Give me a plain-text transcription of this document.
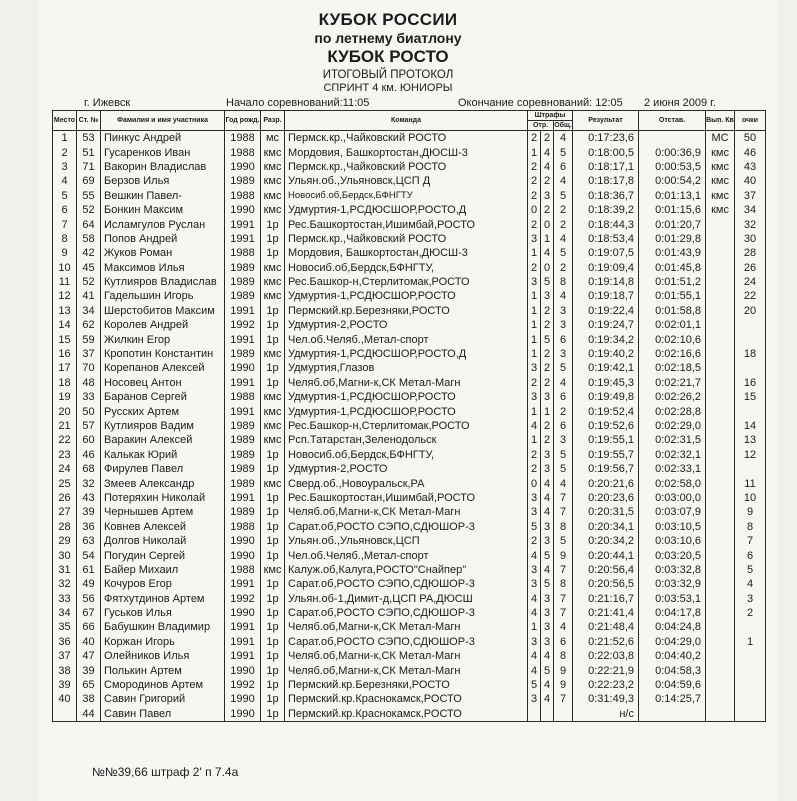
КУБОК РОССИИ
по летнему биатлону
КУБОК РОСТО
ИТОГОВЫЙ ПРОТОКОЛ
СПРИНТ 4 км. ЮНИОРЫ
г. Ижевск	Начало соревнований:11:05	Окончание соревнований: 12:05 2 июня 2009 г.
Место	Ст. №	Фамилия и имя участника	Год рожд.	Разр.	Команда	Штрафы			Результат	Отстав.	Вып. Кв	очки
						Отр.		Общ.				
1	53	Пинкус Андрей	1988	мс	Пермск.кр.,Чайковский РОСТО	2	2	4	0:17:23,6		МС	50
2	51	Гусаренков Иван	1988	кмс	Мордовия, Башкортостан,ДЮСШ-3	1	4	5	0:18:00,5	0:00:36,9	кмс	46
3	71	Вакорин Владислав	1990	кмс	Пермск.кр.,Чайковский РОСТО	2	4	6	0:18:17,1	0:00:53,5	кмс	43
4	69	Берзов Илья	1989	кмс	Ульян.об.,Ульяновск,ЦСП Д	2	2	4	0:18:17,8	0:00:54,2	кмс	40
5	55	Вешкин Павел-	1988	кмс	Новосиб.об,Бердск,БФНГТУ	2	3	5	0:18:36,7	0:01:13,1	кмс	37
6	52	Бонкин Максим	1990	кмс	Удмуртия-1,РСДЮСШОР,РОСТО,Д	0	2	2	0:18:39,2	0:01:15,6	кмс	34
7	64	Исламгулов Руслан	1991	1р	Рес.Башкортостан,Ишимбай,РОСТО	2	0	2	0:18:44,3	0:01:20,7		32
8	58	Попов Андрей	1991	1р	Пермск.кр.,Чайковский РОСТО	3	1	4	0:18:53,4	0:01:29,8		30
9	42	Жуков Роман	1988	1р	Мордовия, Башкортостан,ДЮСШ-3	1	4	5	0:19:07,5	0:01:43,9		28
10	45	Максимов Илья	1989	кмс	Новосиб.об,Бердск,БФНГТУ,	2	0	2	0:19:09,4	0:01:45,8		26
11	52	Кутлияров Владислав	1989	кмс	Рес.Башкор-н,Стерлитомак,РОСТО	3	5	8	0:19:14,8	0:01:51,2		24
12	41	Гадельшин Игорь	1989	кмс	Удмуртия-1,РСДЮСШОР,РОСТО	1	3	4	0:19:18,7	0:01:55,1		22
13	34	Шерстобитов Максим	1991	1р	Пермский.кр.Березняки,РОСТО	1	2	3	0:19:22,4	0:01:58,8		20
14	62	Королев Андрей	1992	1р	Удмуртия-2,РОСТО	1	2	3	0:19:24,7	0:02:01,1		
15	59	Жилкин Егор	1991	1р	Чел.об.Челяб.,Метал-спорт	1	5	6	0:19:34,2	0:02:10,6		
16	37	Кропотин Константин	1989	кмс	Удмуртия-1,РСДЮСШОР,РОСТО,Д	1	2	3	0:19:40,2	0:02:16,6		18
17	70	Корепанов Алексей	1990	1р	Удмуртия,Глазов	3	2	5	0:19:42,1	0:02:18,5		
18	48	Носовец Антон	1991	1р	Челяб.об,Магни-к,СК Метал-Магн	2	2	4	0:19:45,3	0:02:21,7		16
19	33	Баранов Сергей	1988	кмс	Удмуртия-1,РСДЮСШОР,РОСТО	3	3	6	0:19:49,8	0:02:26,2		15
20	50	Русских Артем	1991	кмс	Удмуртия-1,РСДЮСШОР,РОСТО	1	1	2	0:19:52,4	0:02:28,8		
21	57	Кутлияров Вадим	1989	кмс	Рес.Башкор-н,Стерлитомак,РОСТО	4	2	6	0:19:52,6	0:02:29,0		14
22	60	Варакин Алексей	1989	кмс	Рсп.Татарстан,Зеленодольск	1	2	3	0:19:55,1	0:02:31,5		13
23	46	Калькак Юрий	1989	1р	Новосиб.об,Бердск,БФНГТУ,	2	3	5	0:19:55,7	0:02:32,1		12
24	68	Фирулев Павел	1989	1р	Удмуртия-2,РОСТО	2	3	5	0:19:56,7	0:02:33,1		
25	32	Змеев Александр	1989	кмс	Сверд.об.,Новоуральск,РА	0	4	4	0:20:21,6	0:02:58,0		11
26	43	Потеряхин Николай	1991	1р	Рес.Башкортостан,Ишимбай,РОСТО	3	4	7	0:20:23,6	0:03:00,0		10
27	39	Чернышев Артем	1989	1р	Челяб.об,Магни-к,СК Метал-Магн	3	4	7	0:20:31,5	0:03:07,9		9
28	36	Ковнев Алексей	1988	1р	Сарат.об,РОСТО СЭПО,СДЮШОР-3	5	3	8	0:20:34,1	0:03:10,5		8
29	63	Долгов Николай	1990	1р	Ульян.об.,Ульяновск,ЦСП	2	3	5	0:20:34,2	0:03:10,6		7
30	54	Погудин Сергей	1990	1р	Чел.об.Челяб.,Метал-спорт	4	5	9	0:20:44,1	0:03:20,5		6
31	61	Байер Михаил	1988	кмс	Калуж.об,Калуга,РОСТО"Снайпер"	3	4	7	0:20:56,4	0:03:32,8		5
32	49	Кочуров Егор	1991	1р	Сарат.об,РОСТО СЭПО,СДЮШОР-3	3	5	8	0:20:56,5	0:03:32,9		4
33	56	Фятхутдинов Артем	1992	1р	Ульян.об-1,Димит-д,ЦСП РА,ДЮСШ	4	3	7	0:21:16,7	0:03:53,1		3
34	67	Гуськов Илья	1990	1р	Сарат.об,РОСТО СЭПО,СДЮШОР-3	4	3	7	0:21:41,4	0:04:17,8		2
35	66	Бабушкин Владимир	1991	1р	Челяб.об,Магни-к,СК Метал-Магн	1	3	4	0:21:48,4	0:04:24,8		
36	40	Коржан Игорь	1991	1р	Сарат.об,РОСТО СЭПО,СДЮШОР-3	3	3	6	0:21:52,6	0:04:29,0		1
37	47	Олейников Илья	1991	1р	Челяб.об,Магни-к,СК Метал-Магн	4	4	8	0:22:03,8	0:04:40,2		
38	39	Полькин Артем	1990	1р	Челяб.об,Магни-к,СК Метал-Магн	4	5	9	0:22:21,9	0:04:58,3		
39	65	Смородинов Артем	1992	1р	Пермский.кр.Березняки,РОСТО	5	4	9	0:22:23,2	0:04:59,6		
40	38	Савин Григорий	1990	1р	Пермский.кр.Краснокамск,РОСТО	3	4	7	0:31:49,3	0:14:25,7		
	44	Савин Павел	1990	1р	Пермский.кр.Краснокамск,РОСТО				н/с			
№№39,66 штраф 2' п 7.4а
